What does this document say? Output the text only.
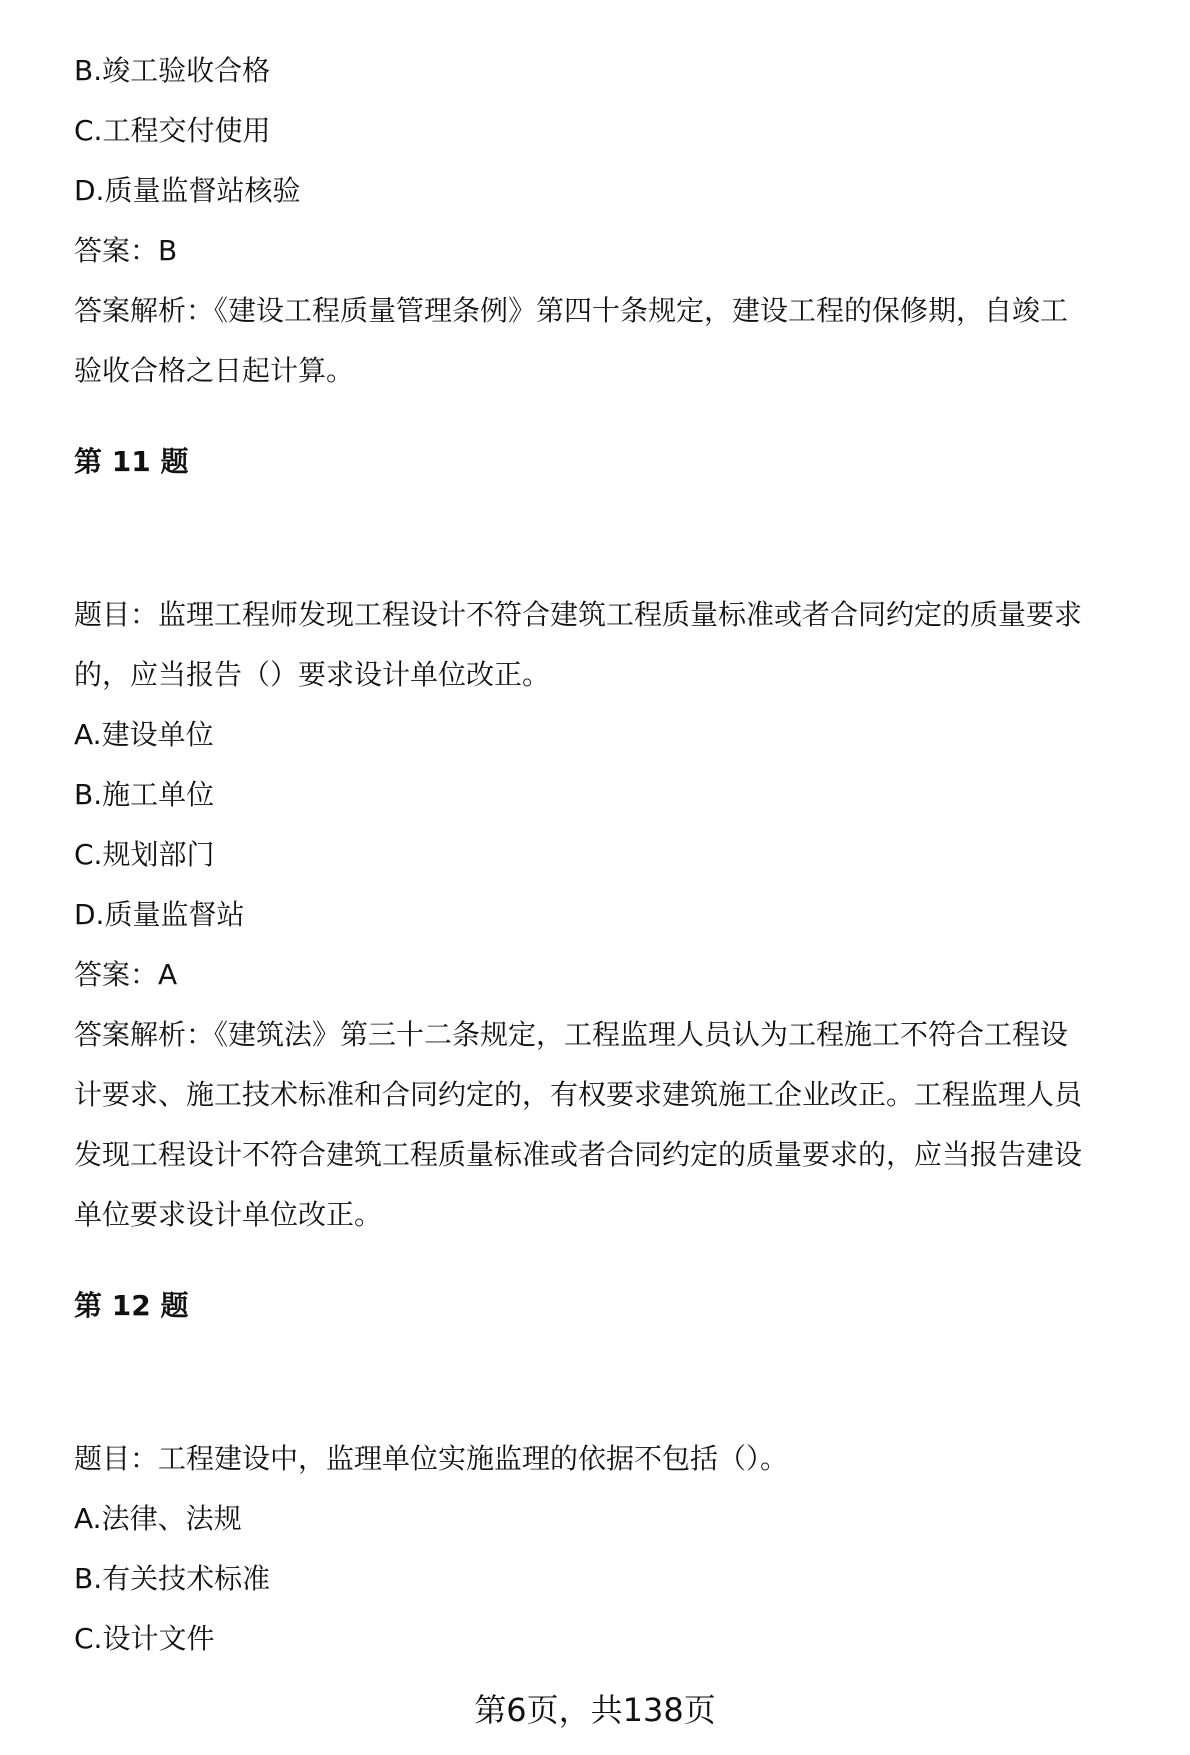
B.竣工验收合格
C.工程交付使用
D.质量监督站核验
答案：B
答案解析：《建设工程质量管理条例》第四十条规定，建设工程的保修期，自竣工
验收合格之日起计算。
第 11 题
题目：监理工程师发现工程设计不符合建筑工程质量标准或者合同约定的质量要求
的，应当报告（）要求设计单位改正。
A.建设单位
B.施工单位
C.规划部门
D.质量监督站
答案：A
答案解析：《建筑法》第三十二条规定，工程监理人员认为工程施工不符合工程设
计要求、施工技术标准和合同约定的，有权要求建筑施工企业改正。工程监理人员
发现工程设计不符合建筑工程质量标准或者合同约定的质量要求的，应当报告建设
单位要求设计单位改正。
第 12 题
题目：工程建设中，监理单位实施监理的依据不包括（）。
A.法律、法规
B.有关技术标准
C.设计文件
第6页，共138页
